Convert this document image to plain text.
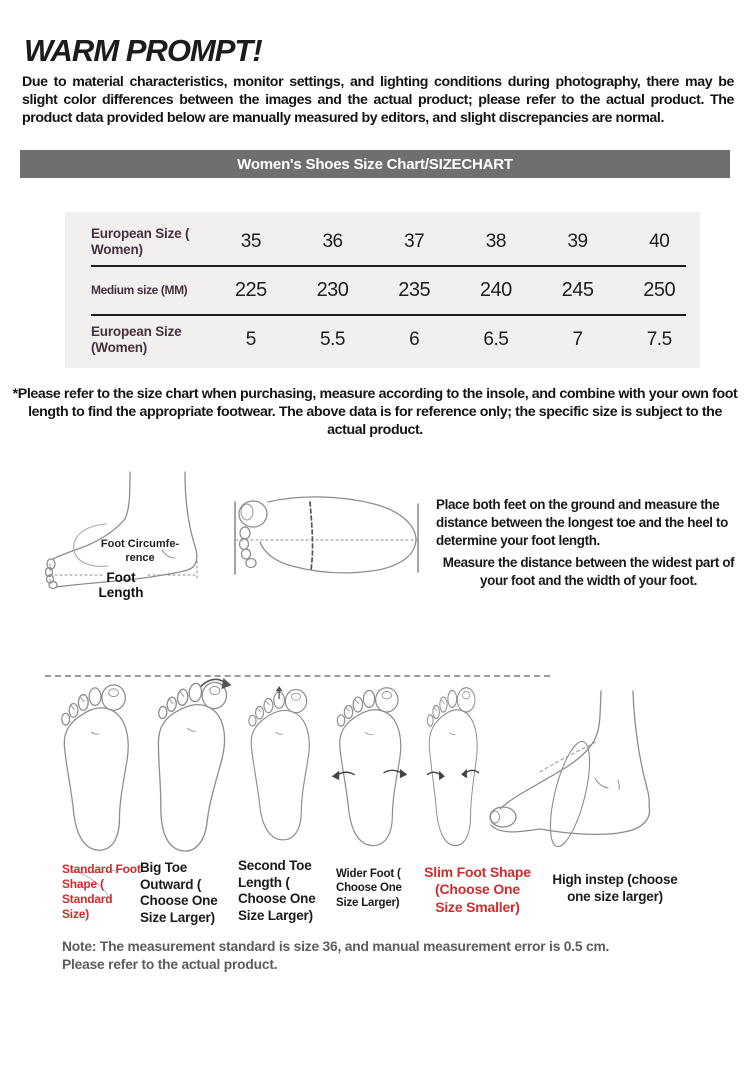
WARM PROMPT!

Due to material characteristics, monitor settings, and lighting conditions during photography, there may be slight color differences between the images and the actual product; please refer to the actual product. The product data provided below are manually measured by editors, and slight discrepancies are normal.

Women's Shoes Size Chart/SIZECHART
European Size ( Women)	35	36	37	38	39	40
Medium size (MM)	225	230	235	240	245	250
European Size (Women)	5	5.5	6	6.5	7	7.5

*Please refer to the size chart when purchasing, measure according to the insole, and combine with your own foot length to find the appropriate footwear. The above data is for reference only; the specific size is subject to the actual product.

Foot Circumfe-rence
Foot Length

Place both feet on the ground and measure the distance between the longest toe and the heel to determine your foot length.

Measure the distance between the widest part of your foot and the width of your foot.

Standard Foot Shape ( Standard Size)
Big Toe Outward ( Choose One Size Larger)
Second Toe Length ( Choose One Size Larger)
Wider Foot ( Choose One Size Larger)
Slim Foot Shape (Choose One Size Smaller)
High instep (choose one size larger)

Note: The measurement standard is size 36, and manual measurement error is 0.5 cm. Please refer to the actual product.
